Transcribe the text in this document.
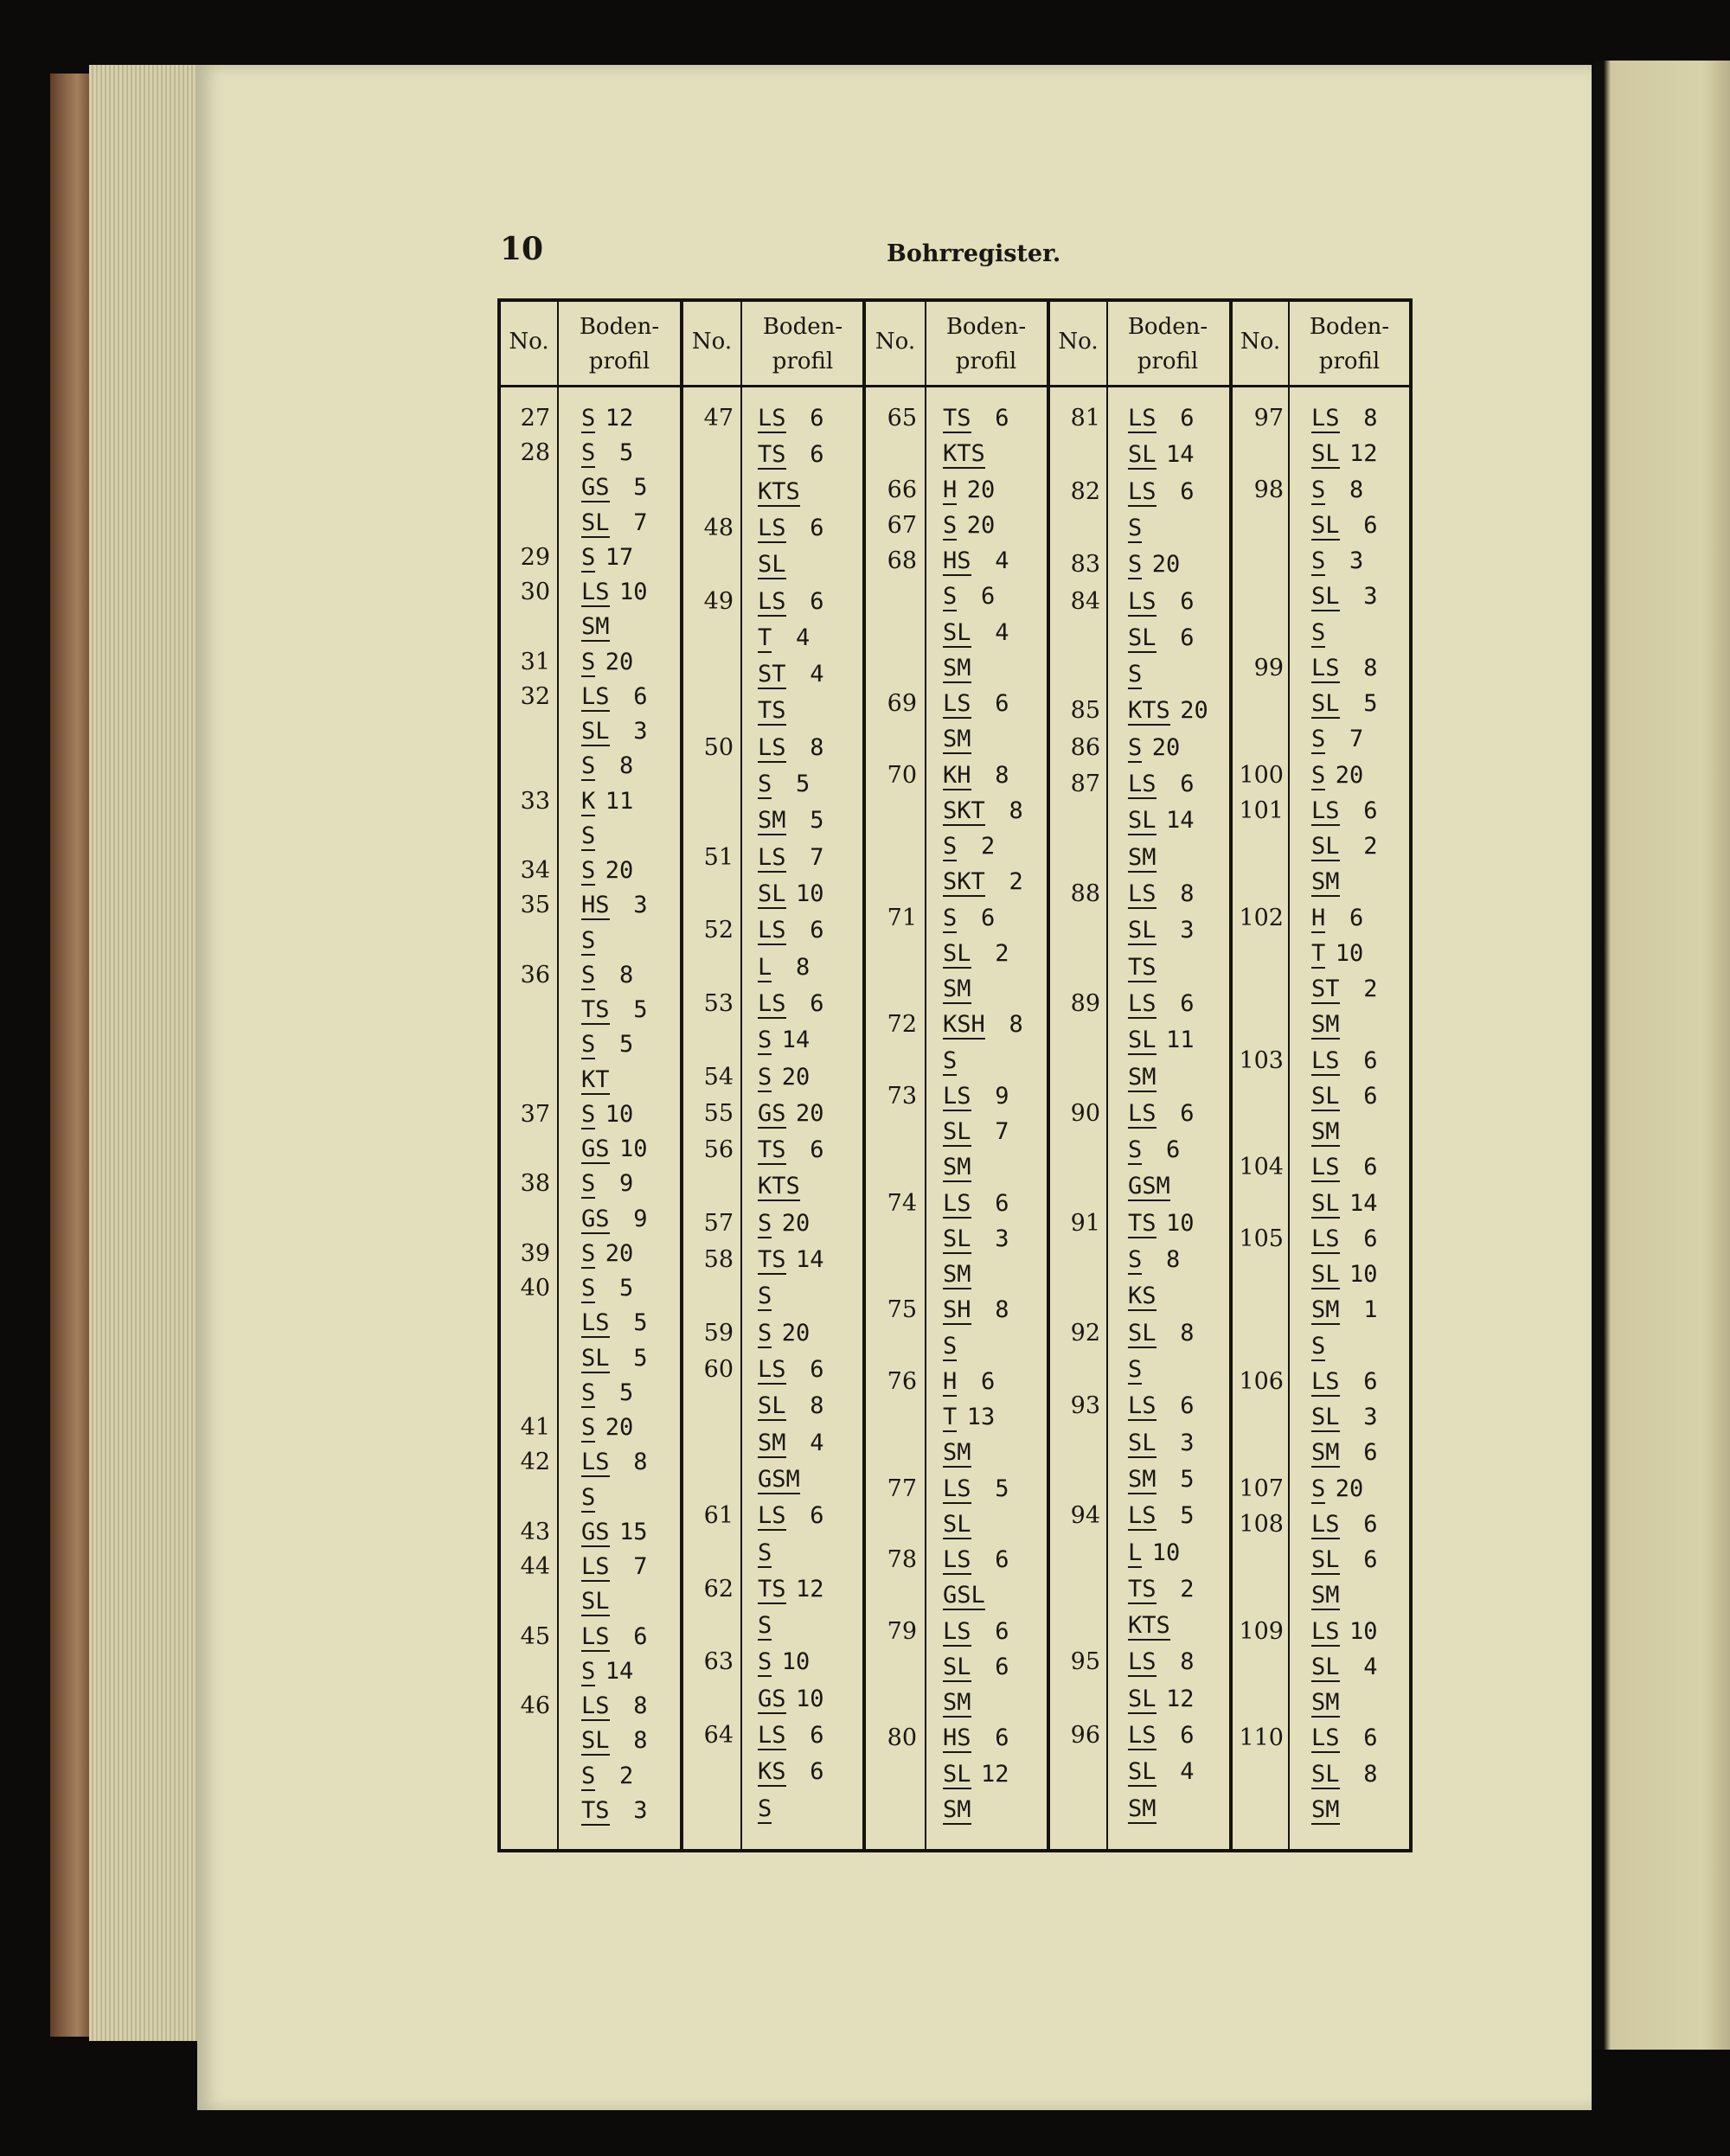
10	Bohrregister.
No.
Boden-
profil
No.
Boden-
profil
No.
Boden-
profil
No.
Boden-
profil
No.
Boden-
profil
27 S 12
28 S 5
GS 5
SL 7
29 S 17
30 LS 10
SM
31 S 20
32 LS 6
SL 3
S 8
33 K 11
S
34 S 20
35 HS 3
S
36 S 8
TS 5
S 5
KT
37 S 10
GS 10
38 S 9
GS 9
39 S 20
40 S 5
LS 5
SL 5
S 5
41 S 20
42 LS 8
S
43 GS 15
44 LS 7
SL
45 LS 6
S 14
46 LS 8
SL 8
S 2
TS 3
47 LS 6
TS 6
KTS
48 LS 6
SL
49 LS 6
T 4
ST 4
TS
50 LS 8
S 5
SM 5
51 LS 7
SL 10
52 LS 6
L 8
53 LS 6
S 14
54 S 20
55 GS 20
56 TS 6
KTS
57 S 20
58 TS 14
S
59 S 20
60 LS 6
SL 8
SM 4
GSM
61 LS 6
S
62 TS 12
S
63 S 10
GS 10
64 LS 6
KS 6
S
65 TS 6
KTS
66 H 20
67 S 20
68 HS 4
S 6
SL 4
SM
69 LS 6
SM
70 KH 8
SKT 8
S 2
SKT 2
71 S 6
SL 2
SM
72 KSH 8
S
73 LS 9
SL 7
SM
74 LS 6
SL 3
SM
75 SH 8
S
76 H 6
T 13
SM
77 LS 5
SL
78 LS 6
GSL
79 LS 6
SL 6
SM
80 HS 6
SL 12
SM
81 LS 6
SL 14
82 LS 6
S
83 S 20
84 LS 6
SL 6
S
85 KTS 20
86 S 20
87 LS 6
SL 14
SM
88 LS 8
SL 3
TS
89 LS 6
SL 11
SM
90 LS 6
S 6
GSM
91 TS 10
S 8
KS
92 SL 8
S
93 LS 6
SL 3
SM 5
94 LS 5
L 10
TS 2
KTS
95 LS 8
SL 12
96 LS 6
SL 4
SM
97 LS 8
SL 12
98 S 8
SL 6
S 3
SL 3
S
99 LS 8
SL 5
S 7
100 S 20
101 LS 6
SL 2
SM
102 H 6
T 10
ST 2
SM
103 LS 6
SL 6
SM
104 LS 6
SL 14
105 LS 6
SL 10
SM 1
S
106 LS 6
SL 3
SM 6
107 S 20
108 LS 6
SL 6
SM
109 LS 10
SL 4
SM
110 LS 6
SL 8
SM
